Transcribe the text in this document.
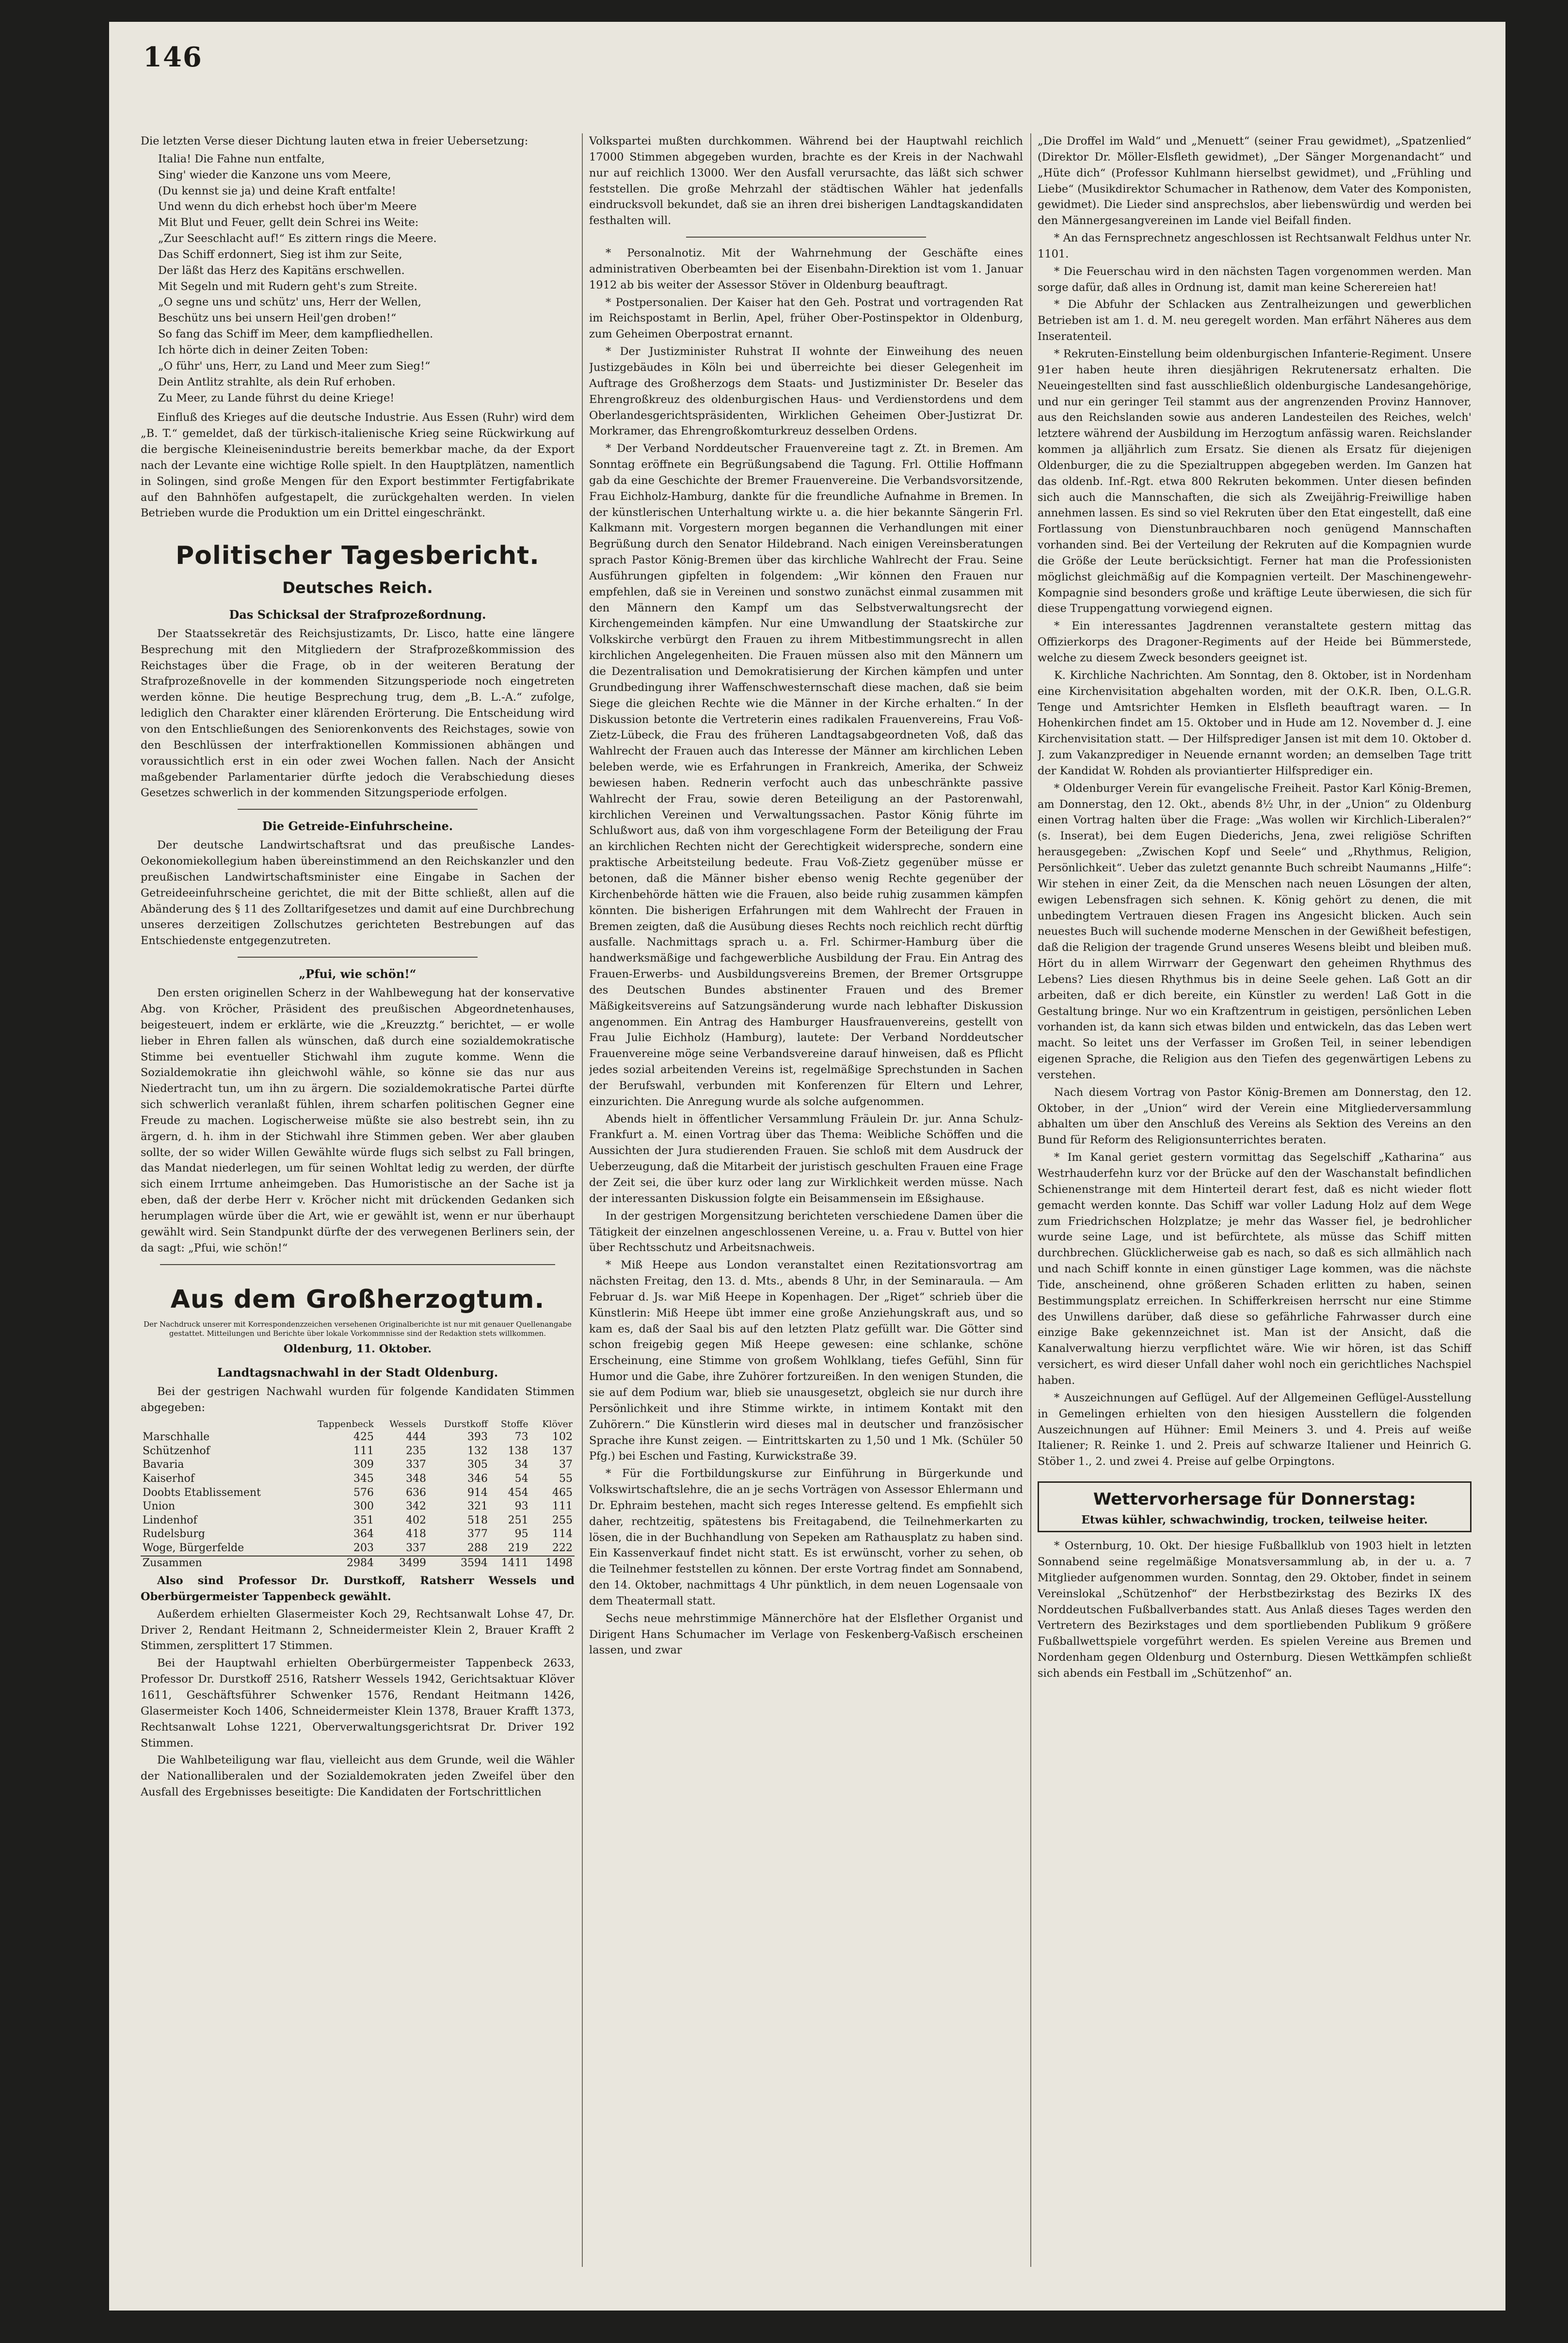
146

Die letzten Verse dieser Dichtung lauten etwa in freier Uebersetzung:

Italia! Die Fahne nun entfalte,
Sing' wieder die Kanzone uns vom Meere,
(Du kennst sie ja) und deine Kraft entfalte!
Und wenn du dich erhebst hoch über'm Meere
Mit Blut und Feuer, gellt dein Schrei ins Weite:
„Zur Seeschlacht auf!“ Es zittern rings die Meere.
Das Schiff erdonnert, Sieg ist ihm zur Seite,
Der läßt das Herz des Kapitäns erschwellen.
Mit Segeln und mit Rudern geht's zum Streite.
„O segne uns und schütz' uns, Herr der Wellen,
Beschütz uns bei unsern Heil'gen droben!“
So fang das Schiff im Meer, dem kampfliedhellen.
Ich hörte dich in deiner Zeiten Toben:
„O führ' uns, Herr, zu Land und Meer zum Sieg!“
Dein Antlitz strahlte, als dein Ruf erhoben.
Zu Meer, zu Lande führst du deine Kriege!

Einfluß des Krieges auf die deutsche Industrie. Aus Essen (Ruhr) wird dem „B. T.“ gemeldet, daß der türkisch-italienische Krieg seine Rückwirkung auf die bergische Kleineisenindustrie bereits bemerkbar mache, da der Export nach der Levante eine wichtige Rolle spielt. In den Hauptplätzen, namentlich in Solingen, sind große Mengen für den Export bestimmter Fertigfabrikate auf den Bahnhöfen aufgestapelt, die zurückgehalten werden. In vielen Betrieben wurde die Produktion um ein Drittel eingeschränkt.

Politischer Tagesbericht.
Deutsches Reich.
Das Schicksal der Strafprozeßordnung.

Der Staatssekretär des Reichsjustizamts, Dr. Lisco, hatte eine längere Besprechung mit den Mitgliedern der Strafprozeßkommission des Reichstages über die Frage, ob in der weiteren Beratung der Strafprozeßnovelle in der kommenden Sitzungsperiode noch eingetreten werden könne. Die heutige Besprechung trug, dem „B. L.-A.“ zufolge, lediglich den Charakter einer klärenden Erörterung. Die Entscheidung wird von den Entschließungen des Seniorenkonvents des Reichstages, sowie von den Beschlüssen der interfraktionellen Kommissionen abhängen und voraussichtlich erst in ein oder zwei Wochen fallen. Nach der Ansicht maßgebender Parlamentarier dürfte jedoch die Verabschiedung dieses Gesetzes schwerlich in der kommenden Sitzungsperiode erfolgen.

Die Getreide-Einfuhrscheine.

Der deutsche Landwirtschaftsrat und das preußische Landes-Oekonomiekollegium haben übereinstimmend an den Reichskanzler und den preußischen Landwirtschaftsminister eine Eingabe in Sachen der Getreideeinfuhrscheine gerichtet, die mit der Bitte schließt, allen auf die Abänderung des § 11 des Zolltarifgesetzes und damit auf eine Durchbrechung unseres derzeitigen Zollschutzes gerichteten Bestrebungen auf das Entschiedenste entgegenzutreten.

„Pfui, wie schön!“

Den ersten originellen Scherz in der Wahlbewegung hat der konservative Abg. von Kröcher, Präsident des preußischen Abgeordnetenhauses, beigesteuert, indem er erklärte, wie die „Kreuzztg.“ berichtet, — er wolle lieber in Ehren fallen als wünschen, daß durch eine sozialdemokratische Stimme bei eventueller Stichwahl ihm zugute komme. Wenn die Sozialdemokratie ihn gleichwohl wähle, so könne sie das nur aus Niedertracht tun, um ihn zu ärgern. Die sozialdemokratische Partei dürfte sich schwerlich veranlaßt fühlen, ihrem scharfen politischen Gegner eine Freude zu machen. Logischerweise müßte sie also bestrebt sein, ihn zu ärgern, d. h. ihm in der Stichwahl ihre Stimmen geben. Wer aber glauben sollte, der so wider Willen Gewählte würde flugs sich selbst zu Fall bringen, das Mandat niederlegen, um für seinen Wohltat ledig zu werden, der dürfte sich einem Irrtume anheimgeben. Das Humoristische an der Sache ist ja eben, daß der derbe Herr v. Kröcher nicht mit drückenden Gedanken sich herumplagen würde über die Art, wie er gewählt ist, wenn er nur überhaupt gewählt wird. Sein Standpunkt dürfte der des verwegenen Berliners sein, der da sagt: „Pfui, wie schön!“

Aus dem Großherzogtum.
Der Nachdruck unserer mit Korrespondenzzeichen versehenen Originalberichte ist nur mit genauer Quellenangabe gestattet. Mitteilungen und Berichte über lokale Vorkommnisse sind der Redaktion stets willkommen.
Oldenburg, 11. Oktober.
Landtagsnachwahl in der Stadt Oldenburg.

Bei der gestrigen Nachwahl wurden für folgende Kandidaten Stimmen abgegeben:

	Tappenbeck	Wessels	Durstkoff	Stoffe	Klöver
Marschhalle	425	444	393	73	102
Schützenhof	111	235	132	138	137
Bavaria	309	337	305	34	37
Kaiserhof	345	348	346	54	55
Doobts Etablissement	576	636	914	454	465
Union	300	342	321	93	111
Lindenhof	351	402	518	251	255
Rudelsburg	364	418	377	95	114
Woge, Bürgerfelde	203	337	288	219	222
Zusammen	2984	3499	3594	1411	1498

Also sind Professor Dr. Durstkoff, Ratsherr Wessels und Oberbürgermeister Tappenbeck gewählt.

Außerdem erhielten Glasermeister Koch 29, Rechtsanwalt Lohse 47, Dr. Driver 2, Rendant Heitmann 2, Schneidermeister Klein 2, Brauer Krafft 2 Stimmen, zersplittert 17 Stimmen.

Bei der Hauptwahl erhielten Oberbürgermeister Tappenbeck 2633, Professor Dr. Durstkoff 2516, Ratsherr Wessels 1942, Gerichtsaktuar Klöver 1611, Geschäftsführer Schwenker 1576, Rendant Heitmann 1426, Glasermeister Koch 1406, Schneidermeister Klein 1378, Brauer Krafft 1373, Rechtsanwalt Lohse 1221, Oberverwaltungsgerichtsrat Dr. Driver 192 Stimmen.

Die Wahlbeteiligung war flau, vielleicht aus dem Grunde, weil die Wähler der Nationalliberalen und der Sozialdemokraten jeden Zweifel über den Ausfall des Ergebnisses beseitigte: Die Kandidaten der Fortschrittlichen

Volkspartei mußten durchkommen. Während bei der Hauptwahl reichlich 17000 Stimmen abgegeben wurden, brachte es der Kreis in der Nachwahl nur auf reichlich 13000. Wer den Ausfall verursachte, das läßt sich schwer feststellen. Die große Mehrzahl der städtischen Wähler hat jedenfalls eindrucksvoll bekundet, daß sie an ihren drei bisherigen Landtagskandidaten festhalten will.

* Personalnotiz. Mit der Wahrnehmung der Geschäfte eines administrativen Oberbeamten bei der Eisenbahn-Direktion ist vom 1. Januar 1912 ab bis weiter der Assessor Stöver in Oldenburg beauftragt.

* Postpersonalien. Der Kaiser hat den Geh. Postrat und vortragenden Rat im Reichspostamt in Berlin, Apel, früher Ober-Postinspektor in Oldenburg, zum Geheimen Oberpostrat ernannt.

* Der Justizminister Ruhstrat II wohnte der Einweihung des neuen Justizgebäudes in Köln bei und überreichte bei dieser Gelegenheit im Auftrage des Großherzogs dem Staats- und Justizminister Dr. Beseler das Ehrengroßkreuz des oldenburgischen Haus- und Verdienstordens und dem Oberlandesgerichtspräsidenten, Wirklichen Geheimen Ober-Justizrat Dr. Morkramer, das Ehrengroßkomturkreuz desselben Ordens.

* Der Verband Norddeutscher Frauenvereine tagt z. Zt. in Bremen. Am Sonntag eröffnete ein Begrüßungsabend die Tagung. Frl. Ottilie Hoffmann gab da eine Geschichte der Bremer Frauenvereine. Die Verbandsvorsitzende, Frau Eichholz-Hamburg, dankte für die freundliche Aufnahme in Bremen. In der künstlerischen Unterhaltung wirkte u. a. die hier bekannte Sängerin Frl. Kalkmann mit. Vorgestern morgen begannen die Verhandlungen mit einer Begrüßung durch den Senator Hildebrand. Nach einigen Vereinsberatungen sprach Pastor König-Bremen über das kirchliche Wahlrecht der Frau. Seine Ausführungen gipfelten in folgendem: „Wir können den Frauen nur empfehlen, daß sie in Vereinen und sonstwo zunächst einmal zusammen mit den Männern den Kampf um das Selbstverwaltungsrecht der Kirchengemeinden kämpfen. Nur eine Umwandlung der Staatskirche zur Volkskirche verbürgt den Frauen zu ihrem Mitbestimmungsrecht in allen kirchlichen Angelegenheiten. Die Frauen müssen also mit den Männern um die Dezentralisation und Demokratisierung der Kirchen kämpfen und unter Grundbedingung ihrer Waffenschwesternschaft diese machen, daß sie beim Siege die gleichen Rechte wie die Männer in der Kirche erhalten.“ In der Diskussion betonte die Vertreterin eines radikalen Frauenvereins, Frau Voß-Zietz-Lübeck, die Frau des früheren Landtagsabgeordneten Voß, daß das Wahlrecht der Frauen auch das Interesse der Männer am kirchlichen Leben beleben werde, wie es Erfahrungen in Frankreich, Amerika, der Schweiz bewiesen haben. Rednerin verfocht auch das unbeschränkte passive Wahlrecht der Frau, sowie deren Beteiligung an der Pastorenwahl, kirchlichen Vereinen und Verwaltungssachen. Pastor König führte im Schlußwort aus, daß von ihm vorgeschlagene Form der Beteiligung der Frau an kirchlichen Rechten nicht der Gerechtigkeit widerspreche, sondern eine praktische Arbeitsteilung bedeute. Frau Voß-Zietz gegenüber müsse er betonen, daß die Männer bisher ebenso wenig Rechte gegenüber der Kirchenbehörde hätten wie die Frauen, also beide ruhig zusammen kämpfen könnten. Die bisherigen Erfahrungen mit dem Wahlrecht der Frauen in Bremen zeigten, daß die Ausübung dieses Rechts noch reichlich recht dürftig ausfalle. Nachmittags sprach u. a. Frl. Schirmer-Hamburg über die handwerksmäßige und fachgewerbliche Ausbildung der Frau. Ein Antrag des Frauen-Erwerbs- und Ausbildungsvereins Bremen, der Bremer Ortsgruppe des Deutschen Bundes abstinenter Frauen und des Bremer Mäßigkeitsvereins auf Satzungsänderung wurde nach lebhafter Diskussion angenommen. Ein Antrag des Hamburger Hausfrauenvereins, gestellt von Frau Julie Eichholz (Hamburg), lautete: Der Verband Norddeutscher Frauenvereine möge seine Verbandsvereine darauf hinweisen, daß es Pflicht jedes sozial arbeitenden Vereins ist, regelmäßige Sprechstunden in Sachen der Berufswahl, verbunden mit Konferenzen für Eltern und Lehrer, einzurichten. Die Anregung wurde als solche aufgenommen.

Abends hielt in öffentlicher Versammlung Fräulein Dr. jur. Anna Schulz-Frankfurt a. M. einen Vortrag über das Thema: Weibliche Schöffen und die Aussichten der Jura studierenden Frauen. Sie schloß mit dem Ausdruck der Ueberzeugung, daß die Mitarbeit der juristisch geschulten Frauen eine Frage der Zeit sei, die über kurz oder lang zur Wirklichkeit werden müsse. Nach der interessanten Diskussion folgte ein Beisammensein im Eßsighause.

In der gestrigen Morgensitzung berichteten verschiedene Damen über die Tätigkeit der einzelnen angeschlossenen Vereine, u. a. Frau v. Buttel von hier über Rechtsschutz und Arbeitsnachweis.

* Miß Heepe aus London veranstaltet einen Rezitationsvortrag am nächsten Freitag, den 13. d. Mts., abends 8 Uhr, in der Seminaraula. — Am Februar d. Js. war Miß Heepe in Kopenhagen. Der „Riget“ schrieb über die Künstlerin: Miß Heepe übt immer eine große Anziehungskraft aus, und so kam es, daß der Saal bis auf den letzten Platz gefüllt war. Die Götter sind schon freigebig gegen Miß Heepe gewesen: eine schlanke, schöne Erscheinung, eine Stimme von großem Wohlklang, tiefes Gefühl, Sinn für Humor und die Gabe, ihre Zuhörer fortzureißen. In den wenigen Stunden, die sie auf dem Podium war, blieb sie unausgesetzt, obgleich sie nur durch ihre Persönlichkeit und ihre Stimme wirkte, in intimem Kontakt mit den Zuhörern.“ Die Künstlerin wird dieses mal in deutscher und französischer Sprache ihre Kunst zeigen. — Eintrittskarten zu 1,50 und 1 Mk. (Schüler 50 Pfg.) bei Eschen und Fasting, Kurwickstraße 39.

* Für die Fortbildungskurse zur Einführung in Bürgerkunde und Volkswirtschaftslehre, die an je sechs Vorträgen von Assessor Ehlermann und Dr. Ephraim bestehen, macht sich reges Interesse geltend. Es empfiehlt sich daher, rechtzeitig, spätestens bis Freitagabend, die Teilnehmerkarten zu lösen, die in der Buchhandlung von Sepeken am Rathausplatz zu haben sind. Ein Kassenverkauf findet nicht statt. Es ist erwünscht, vorher zu sehen, ob die Teilnehmer feststellen zu können. Der erste Vortrag findet am Sonnabend, den 14. Oktober, nachmittags 4 Uhr pünktlich, in dem neuen Logensaale von dem Theatermall statt.

Sechs neue mehrstimmige Männerchöre hat der Elsflether Organist und Dirigent Hans Schumacher im Verlage von Feskenberg-Vaßisch erscheinen lassen, und zwar

„Die Droffel im Wald“ und „Menuett“ (seiner Frau gewidmet), „Spatzenlied“ (Direktor Dr. Möller-Elsfleth gewidmet), „Der Sänger Morgenandacht“ und „Hüte dich“ (Professor Kuhlmann hierselbst gewidmet), und „Frühling und Liebe“ (Musikdirektor Schumacher in Rathenow, dem Vater des Komponisten, gewidmet). Die Lieder sind ansprechslos, aber liebenswürdig und werden bei den Männergesangvereinen im Lande viel Beifall finden.

* An das Fernsprechnetz angeschlossen ist Rechtsanwalt Feldhus unter Nr. 1101.

* Die Feuerschau wird in den nächsten Tagen vorgenommen werden. Man sorge dafür, daß alles in Ordnung ist, damit man keine Scherereien hat!

* Die Abfuhr der Schlacken aus Zentralheizungen und gewerblichen Betrieben ist am 1. d. M. neu geregelt worden. Man erfährt Näheres aus dem Inseratenteil.

* Rekruten-Einstellung beim oldenburgischen Infanterie-Regiment. Unsere 91er haben heute ihren diesjährigen Rekrutenersatz erhalten. Die Neueingestellten sind fast ausschließlich oldenburgische Landesangehörige, und nur ein geringer Teil stammt aus der angrenzenden Provinz Hannover, aus den Reichslanden sowie aus anderen Landesteilen des Reiches, welch' letztere während der Ausbildung im Herzogtum anfässig waren. Reichslander kommen ja alljährlich zum Ersatz. Sie dienen als Ersatz für diejenigen Oldenburger, die zu die Spezialtruppen abgegeben werden. Im Ganzen hat das oldenb. Inf.-Rgt. etwa 800 Rekruten bekommen. Unter diesen befinden sich auch die Mannschaften, die sich als Zweijährig-Freiwillige haben annehmen lassen. Es sind so viel Rekruten über den Etat eingestellt, daß eine Fortlassung von Dienstunbrauchbaren noch genügend Mannschaften vorhanden sind. Bei der Verteilung der Rekruten auf die Kompagnien wurde die Größe der Leute berücksichtigt. Ferner hat man die Professionisten möglichst gleichmäßig auf die Kompagnien verteilt. Der Maschinengewehr-Kompagnie sind besonders große und kräftige Leute überwiesen, die sich für diese Truppengattung vorwiegend eignen.

* Ein interessantes Jagdrennen veranstaltete gestern mittag das Offizierkorps des Dragoner-Regiments auf der Heide bei Bümmerstede, welche zu diesem Zweck besonders geeignet ist.

K. Kirchliche Nachrichten. Am Sonntag, den 8. Oktober, ist in Nordenham eine Kirchenvisitation abgehalten worden, mit der O.K.R. Iben, O.L.G.R. Tenge und Amtsrichter Hemken in Elsfleth beauftragt waren. — In Hohenkirchen findet am 15. Oktober und in Hude am 12. November d. J. eine Kirchenvisitation statt. — Der Hilfsprediger Jansen ist mit dem 10. Oktober d. J. zum Vakanzprediger in Neuende ernannt worden; an demselben Tage tritt der Kandidat W. Rohden als proviantierter Hilfsprediger ein.

* Oldenburger Verein für evangelische Freiheit. Pastor Karl König-Bremen, am Donnerstag, den 12. Okt., abends 8½ Uhr, in der „Union“ zu Oldenburg einen Vortrag halten über die Frage: „Was wollen wir Kirchlich-Liberalen?“ (s. Inserat), bei dem Eugen Diederichs, Jena, zwei religiöse Schriften herausgegeben: „Zwischen Kopf und Seele“ und „Rhythmus, Religion, Persönlichkeit“. Ueber das zuletzt genannte Buch schreibt Naumanns „Hilfe“: Wir stehen in einer Zeit, da die Menschen nach neuen Lösungen der alten, ewigen Lebensfragen sich sehnen. K. König gehört zu denen, die mit unbedingtem Vertrauen diesen Fragen ins Angesicht blicken. Auch sein neuestes Buch will suchende moderne Menschen in der Gewißheit befestigen, daß die Religion der tragende Grund unseres Wesens bleibt und bleiben muß. Hört du in allem Wirrwarr der Gegenwart den geheimen Rhythmus des Lebens? Lies diesen Rhythmus bis in deine Seele gehen. Laß Gott an dir arbeiten, daß er dich bereite, ein Künstler zu werden! Laß Gott in die Gestaltung bringe. Nur wo ein Kraftzentrum in geistigen, persönlichen Leben vorhanden ist, da kann sich etwas bilden und entwickeln, das das Leben wert macht. So leitet uns der Verfasser im Großen Teil, in seiner lebendigen eigenen Sprache, die Religion aus den Tiefen des gegenwärtigen Lebens zu verstehen.

Nach diesem Vortrag von Pastor König-Bremen am Donnerstag, den 12. Oktober, in der „Union“ wird der Verein eine Mitgliederversammlung abhalten um über den Anschluß des Vereins als Sektion des Vereins an den Bund für Reform des Religionsunterrichtes beraten.

* Im Kanal geriet gestern vormittag das Segelschiff „Katharina“ aus Westrhauderfehn kurz vor der Brücke auf den der Waschanstalt befindlichen Schienenstrange mit dem Hinterteil derart fest, daß es nicht wieder flott gemacht werden konnte. Das Schiff war voller Ladung Holz auf dem Wege zum Friedrichschen Holzplatze; je mehr das Wasser fiel, je bedrohlicher wurde seine Lage, und ist befürchtete, als müsse das Schiff mitten durchbrechen. Glücklicherweise gab es nach, so daß es sich allmählich nach und nach Schiff konnte in einen günstiger Lage kommen, was die nächste Tide, anscheinend, ohne größeren Schaden erlitten zu haben, seinen Bestimmungsplatz erreichen. In Schifferkreisen herrscht nur eine Stimme des Unwillens darüber, daß diese so gefährliche Fahrwasser durch eine einzige Bake gekennzeichnet ist. Man ist der Ansicht, daß die Kanalverwaltung hierzu verpflichtet wäre. Wie wir hören, ist das Schiff versichert, es wird dieser Unfall daher wohl noch ein gerichtliches Nachspiel haben.

* Auszeichnungen auf Geflügel. Auf der Allgemeinen Geflügel-Ausstellung in Gemelingen erhielten von den hiesigen Ausstellern die folgenden Auszeichnungen auf Hühner: Emil Meiners 3. und 4. Preis auf weiße Italiener; R. Reinke 1. und 2. Preis auf schwarze Italiener und Heinrich G. Stöber 1., 2. und zwei 4. Preise auf gelbe Orpingtons.

Wettervorhersage für Donnerstag:
Etwas kühler, schwachwindig, trocken, teilweise heiter.

* Osternburg, 10. Okt. Der hiesige Fußballklub von 1903 hielt in letzten Sonnabend seine regelmäßige Monatsversammlung ab, in der u. a. 7 Mitglieder aufgenommen wurden. Sonntag, den 29. Oktober, findet in seinem Vereinslokal „Schützenhof“ der Herbstbezirkstag des Bezirks IX des Norddeutschen Fußballverbandes statt. Aus Anlaß dieses Tages werden den Vertretern des Bezirkstages und dem sportliebenden Publikum 9 größere Fußballwettspiele vorgeführt werden. Es spielen Vereine aus Bremen und Nordenham gegen Oldenburg und Osternburg. Diesen Wettkämpfen schließt sich abends ein Festball im „Schützenhof“ an.
